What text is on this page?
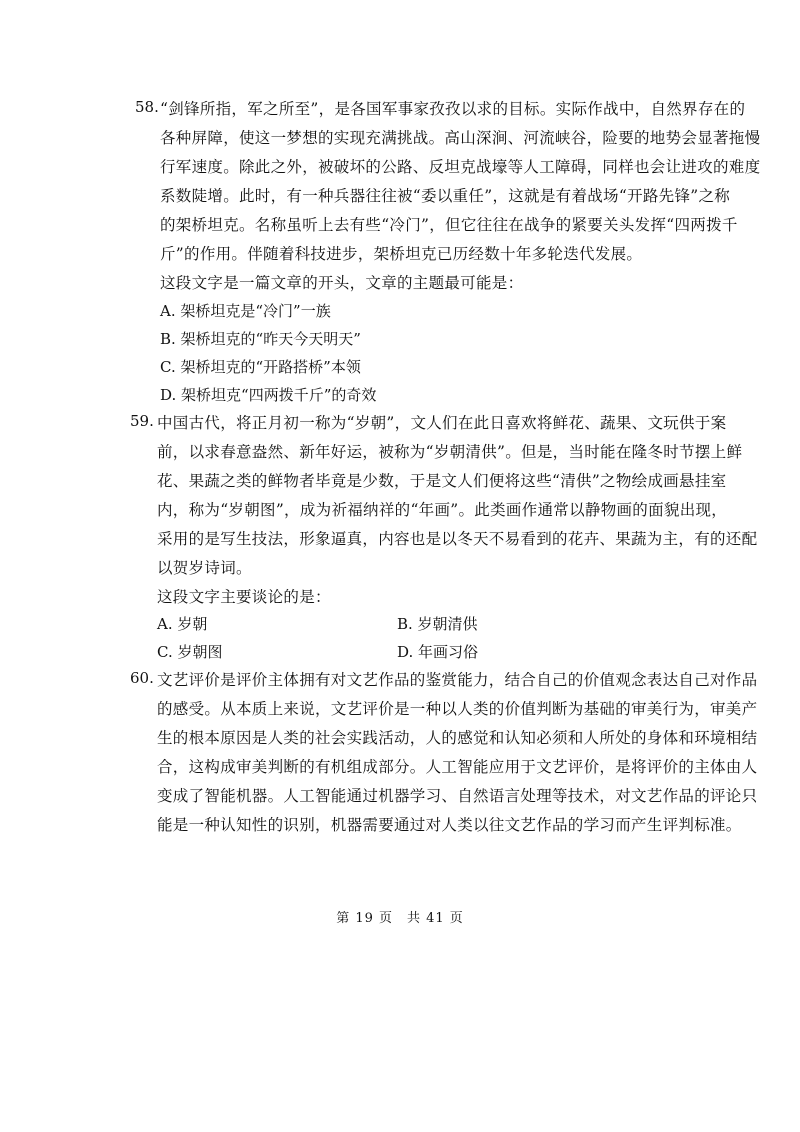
58. “剑锋所指，军之所至”，是各国军事家孜孜以求的目标。实际作战中，自然界存在的
各种屏障，使这一梦想的实现充满挑战。高山深涧、河流峡谷，险要的地势会显著拖慢
行军速度。除此之外，被破坏的公路、反坦克战壕等人工障碍，同样也会让进攻的难度
系数陡增。此时，有一种兵器往往被“委以重任”，这就是有着战场“开路先锋”之称
的架桥坦克。名称虽听上去有些“冷门”，但它往往在战争的紧要关头发挥“四两拨千
斤”的作用。伴随着科技进步，架桥坦克已历经数十年多轮迭代发展。
这段文字是一篇文章的开头，文章的主题最可能是：
A. 架桥坦克是“冷门”一族
B. 架桥坦克的“昨天今天明天”
C. 架桥坦克的“开路搭桥”本领
D. 架桥坦克“四两拨千斤”的奇效
59. 中国古代，将正月初一称为“岁朝”，文人们在此日喜欢将鲜花、蔬果、文玩供于案
前，以求春意盎然、新年好运，被称为“岁朝清供”。但是，当时能在隆冬时节摆上鲜
花、果蔬之类的鲜物者毕竟是少数，于是文人们便将这些“清供”之物绘成画悬挂室
内，称为“岁朝图”，成为祈福纳祥的“年画”。此类画作通常以静物画的面貌出现，
采用的是写生技法，形象逼真，内容也是以冬天不易看到的花卉、果蔬为主，有的还配
以贺岁诗词。
这段文字主要谈论的是：
A. 岁朝	B. 岁朝清供
C. 岁朝图	D. 年画习俗
60. 文艺评价是评价主体拥有对文艺作品的鉴赏能力，结合自己的价值观念表达自己对作品
的感受。从本质上来说，文艺评价是一种以人类的价值判断为基础的审美行为，审美产
生的根本原因是人类的社会实践活动，人的感觉和认知必须和人所处的身体和环境相结
合，这构成审美判断的有机组成部分。人工智能应用于文艺评价，是将评价的主体由人
变成了智能机器。人工智能通过机器学习、自然语言处理等技术，对文艺作品的评论只
能是一种认知性的识别，机器需要通过对人类以往文艺作品的学习而产生评判标准。
第 19 页　共 41 页
